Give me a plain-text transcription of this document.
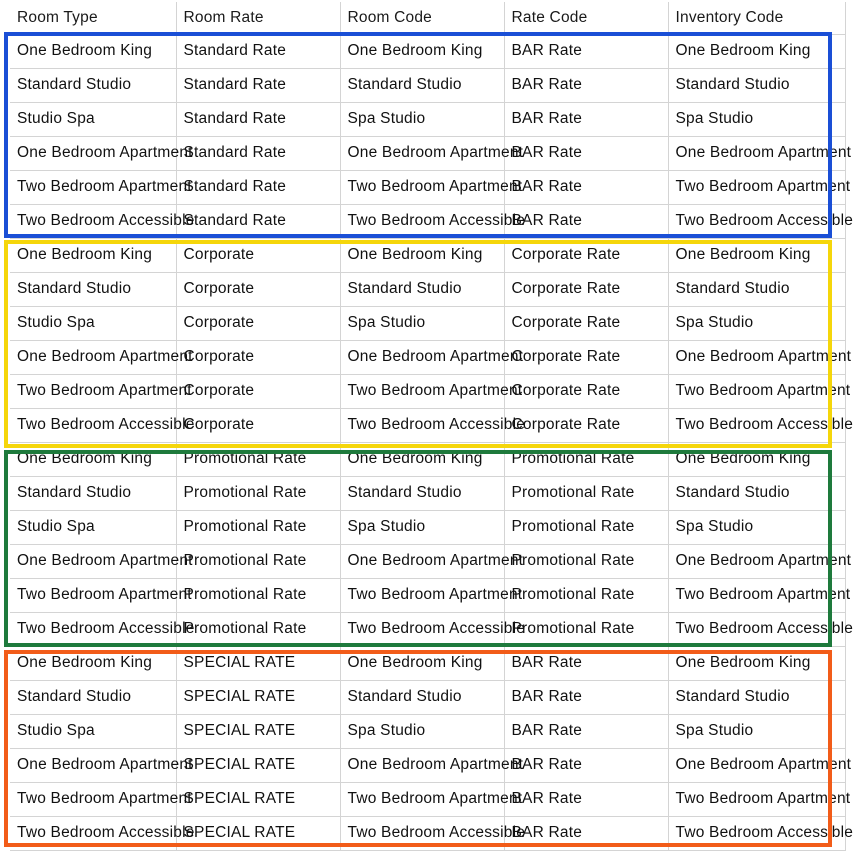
Room Type	Room Rate	Room Code	Rate Code	Inventory Code
One Bedroom King	Standard Rate	One Bedroom King	BAR Rate	One Bedroom King
Standard Studio	Standard Rate	Standard Studio	BAR Rate	Standard Studio
Studio Spa	Standard Rate	Spa Studio	BAR Rate	Spa Studio
One Bedroom Apartment	Standard Rate	One Bedroom Apartment	BAR Rate	One Bedroom Apartment
Two Bedroom Apartment	Standard Rate	Two Bedroom Apartment	BAR Rate	Two Bedroom Apartment
Two Bedroom Accessible	Standard Rate	Two Bedroom Accessible	BAR Rate	Two Bedroom Accessible
One Bedroom King	Corporate	One Bedroom King	Corporate Rate	One Bedroom King
Standard Studio	Corporate	Standard Studio	Corporate Rate	Standard Studio
Studio Spa	Corporate	Spa Studio	Corporate Rate	Spa Studio
One Bedroom Apartment	Corporate	One Bedroom Apartment	Corporate Rate	One Bedroom Apartment
Two Bedroom Apartment	Corporate	Two Bedroom Apartment	Corporate Rate	Two Bedroom Apartment
Two Bedroom Accessible	Corporate	Two Bedroom Accessible	Corporate Rate	Two Bedroom Accessible
One Bedroom King	Promotional Rate	One Bedroom King	Promotional Rate	One Bedroom King
Standard Studio	Promotional Rate	Standard Studio	Promotional Rate	Standard Studio
Studio Spa	Promotional Rate	Spa Studio	Promotional Rate	Spa Studio
One Bedroom Apartment	Promotional Rate	One Bedroom Apartment	Promotional Rate	One Bedroom Apartment
Two Bedroom Apartment	Promotional Rate	Two Bedroom Apartment	Promotional Rate	Two Bedroom Apartment
Two Bedroom Accessible	Promotional Rate	Two Bedroom Accessible	Promotional Rate	Two Bedroom Accessible
One Bedroom King	SPECIAL RATE	One Bedroom King	BAR Rate	One Bedroom King
Standard Studio	SPECIAL RATE	Standard Studio	BAR Rate	Standard Studio
Studio Spa	SPECIAL RATE	Spa Studio	BAR Rate	Spa Studio
One Bedroom Apartment	SPECIAL RATE	One Bedroom Apartment	BAR Rate	One Bedroom Apartment
Two Bedroom Apartment	SPECIAL RATE	Two Bedroom Apartment	BAR Rate	Two Bedroom Apartment
Two Bedroom Accessible	SPECIAL RATE	Two Bedroom Accessible	BAR Rate	Two Bedroom Accessible
